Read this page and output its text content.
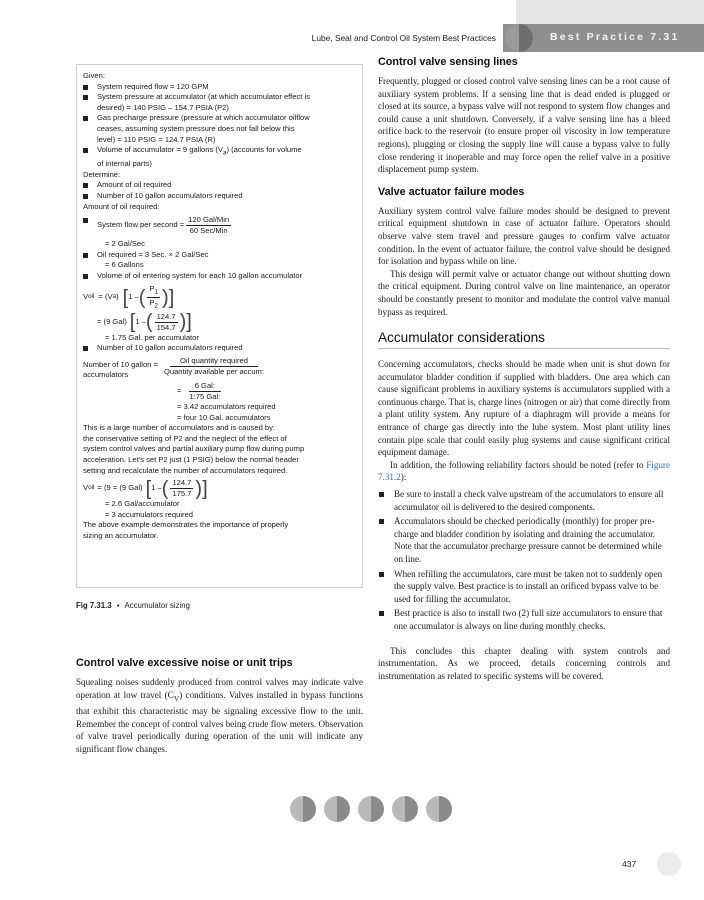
Lube, Seal and Control Oil System Best Practices	Best Practice 7.31
Given:
System required flow = 120 GPM
System pressure at accumulator (at which accumulator effect is
desired) = 140 PSIG – 154.7 PSIA (P2)
Gas precharge pressure (pressure at which accumulator oilflow
ceases, assuming system pressure does not fall below this
level) = 110 PSIG = 124.7 PSIA (R)
Volume of accumulator = 9 gallons $(V_a)$ (accounts for volume
of internal parts)
Determine:
Amount of oil required
Number of 10 gallon accumulators required
Amount of oil required:
System flow per second = $\frac{\text{120 Gal/Min}}{\text{60 Sec/Min}}$
= 2 Gal/Sec
Oil required = 3 Sec. × 2 Gal/Sec
= 6 Gallons
Volume of oil entering system for each 10 gallon accumulator
V oil = (V a ) [ 1 – ( $\frac{P_1}{P_2}$ ) ]
= (9 Gal) [ 1 – ( $\frac{124.7}{154.7}$ ) ]
= 1.75 Gal. per accumulator
Number of 10 gallon accumulators required
Number of 10 gallon =
accumulators	$\frac{\text{Oil quantity required}}{\text{Quantity available per accum:}}$
= $\frac{\text{6 Gal:}}{\text{1:75 Gal:}}$
= 3.42 accumulators required
= four 10 Gal. accumulators
This is a large number of accumulators and is caused by:
the conservative setting of P2 and the neglect of the effect of
system control valves and partial auxiliary pump flow during pump
acceleration. Let's set P2 just (1 PSIG) below the normal header
setting and recalculate the number of accumulators required.
V oil = (9 = (9 Gal) [ 1 – ( $\frac{124.7}{175.7}$ ) ]
= 2.6 Gal/accumulator
= 3 accumulators required
The above example demonstrates the importance of properly
sizing an accumulator.
Fig 7.31.3 ● Accumulator sizing
Control valve excessive noise or unit trips

Squealing noises suddenly produced from control valves may indicate valve operation at low travel $(C_V)$ conditions. Valves installed in bypass functions that exhibit this characteristic may be signaling excessive flow to the unit. Remember the concept of control valves being crude flow meters. Observation of valve travel periodically during operation of the unit will indicate any significant flow changes.

Control valve sensing lines

Frequently, plugged or closed control valve sensing lines can be a root cause of auxiliary system problems. If a sensing line that is dead ended is plugged or closed at its source, a bypass valve will not respond to system flow changes and could cause a unit shutdown. Conversely, if a valve sensing line has a bleed orifice back to the reservoir (to ensure proper oil viscosity in low temperature regions), plugging or closing the supply line will cause a bypass valve to fully close rendering it inoperable and may force open the relief valve in a positive displacement pump system.

Valve actuator failure modes

Auxiliary system control valve failure modes should be designed to prevent critical equipment shutdown in case of actuator failure. Operators should observe valve stem travel and pressure gauges to confirm valve actuator condition. In the event of actuator failure, the control valve should be designed for isolation and bypass while on line.

This design will permit valve or actuator change out without shutting down the critical equipment. During control valve on line maintenance, an operator should be constantly present to monitor and modulate the control valve manual bypass as required.

Accumulator considerations

Concerning accumulators, checks should be made when unit is shut down for accumulator bladder condition if supplied with bladders. One area which can cause significant problems in auxiliary systems is accumulators supplied with a continuous charge. That is, charge lines (nitrogen or air) that come directly from a plant utility system. Any rupture of a diaphragm will provide a means for entrance of charge gas directly into the lube system. Most plant utility lines contain pipe scale that could easily plug systems and cause significant critical equipment damage.

In addition, the following reliability factors should be noted (refer to Figure 7.31.2):

Be sure to install a check valve upstream of the accumulators to ensure all accumulator oil is delivered to the desired components.
Accumulators should be checked periodically (monthly) for proper pre-charge and bladder condition by isolating and draining the accumulator. Note that the accumulator precharge pressure cannot be determined while on line.
When refilling the accumulators, care must be taken not to suddenly open the supply valve. Best practice is to install an orificed bypass valve to be used for filling the accumulator.
Best practice is also to install two (2) full size accumulators to ensure that one accumulator is always on line during monthly checks.

This concludes this chapter dealing with system controls and instrumentation. As we proceed, details concerning controls and instrumentation as related to specific systems will be covered.

437
